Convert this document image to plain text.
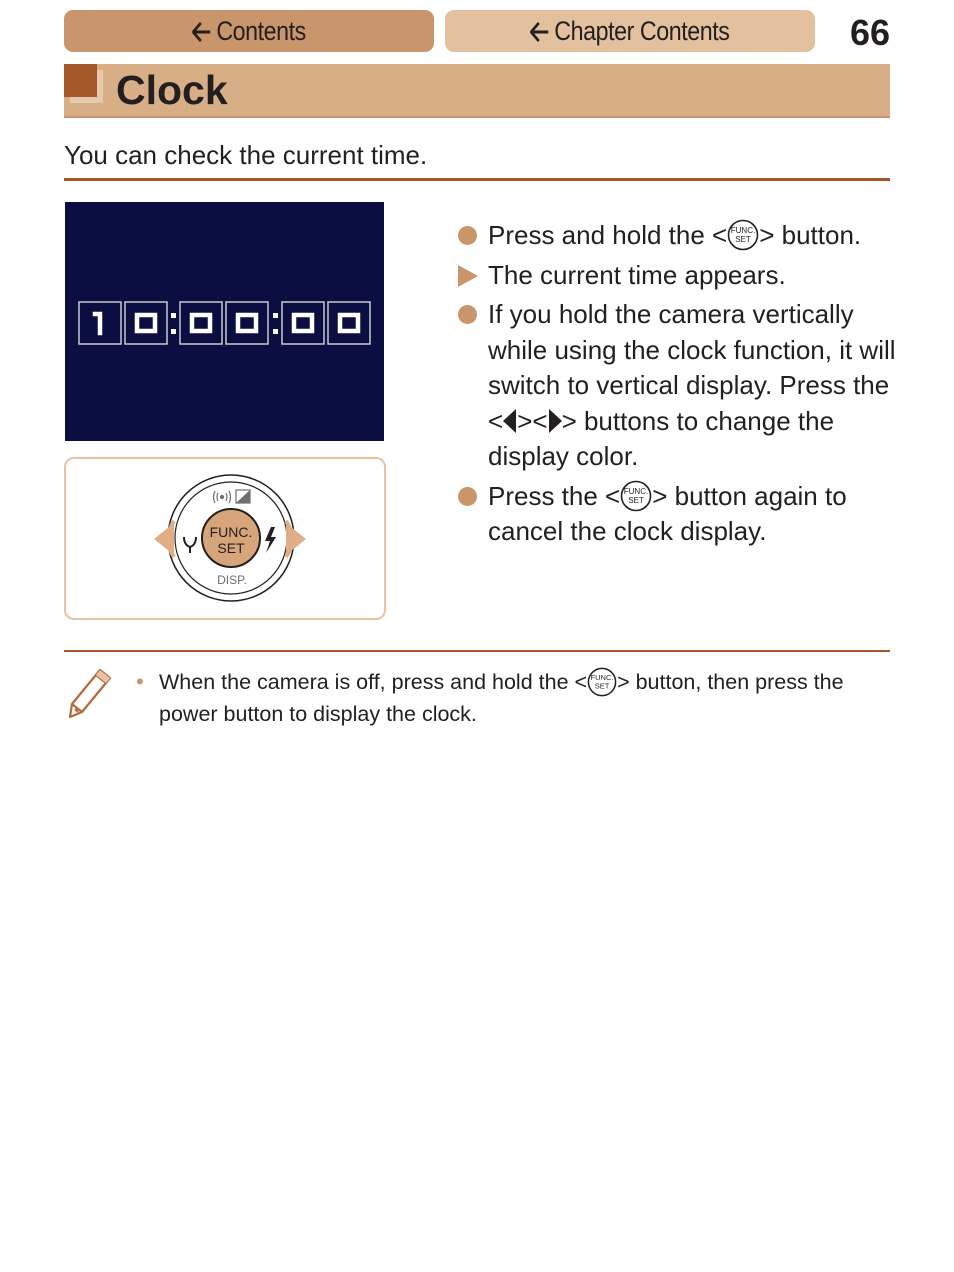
Contents	Chapter Contents	66
Clock
You can check the current time.
FUNC.
SET
DISP.
Press and hold the < FUNC.
SET > button.
The current time appears.
If you hold the camera vertically while using the clock function, it will switch to vertical display. Press the < >< > buttons to change the display color.
Press the < FUNC.
SET > button again to cancel the clock display.
• When the camera is off, press and hold the < FUNC.
SET > button, then press the power button to display the clock.
